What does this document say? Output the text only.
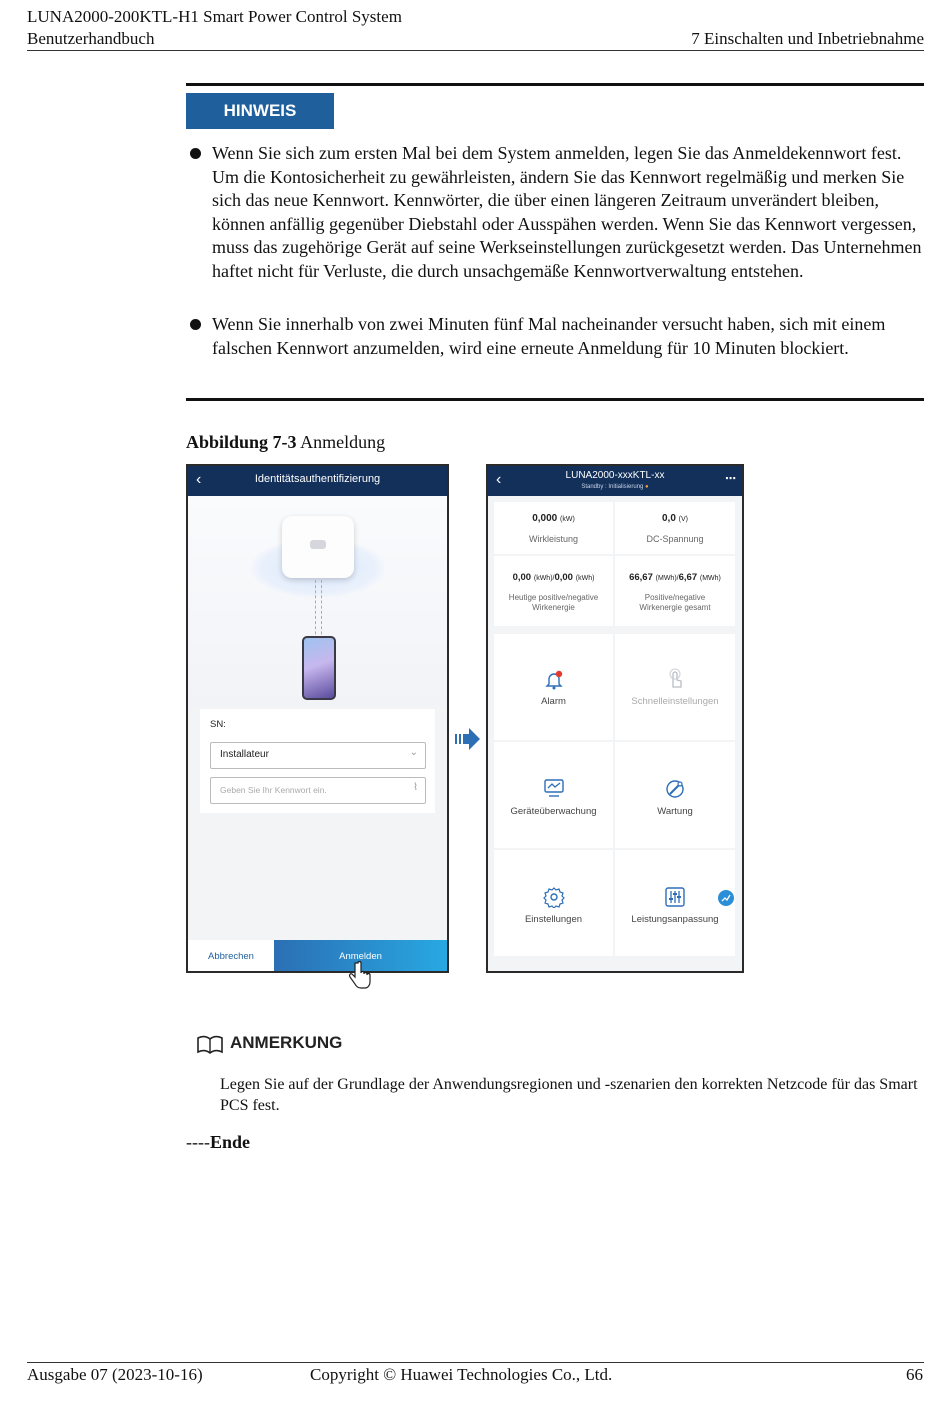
LUNA2000-200KTL-H1 Smart Power Control System
Benutzerhandbuch	7 Einschalten und Inbetriebnahme
HINWEIS
Wenn Sie sich zum ersten Mal bei dem System anmelden, legen Sie das Anmeldekennwort fest. Um die Kontosicherheit zu gewährleisten, ändern Sie das Kennwort regelmäßig und merken Sie sich das neue Kennwort. Kennwörter, die über einen längeren Zeitraum unverändert bleiben, können anfällig gegenüber Diebstahl oder Ausspähen werden. Wenn Sie das Kennwort vergessen, muss das zugehörige Gerät auf seine Werkseinstellungen zurückgesetzt werden. Das Unternehmen haftet nicht für Verluste, die durch unsachgemäße Kennwortverwaltung entstehen.
Wenn Sie innerhalb von zwei Minuten fünf Mal nacheinander versucht haben, sich mit einem falschen Kennwort anzumelden, wird eine erneute Anmeldung für 10 Minuten blockiert.
Abbildung 7-3 Anmeldung
‹	Identitätsauthentifizierung
SN:
Installateur	⌄
Geben Sie Ihr Kennwort ein.	⌇
Abbrechen	Anmelden
‹	LUNA2000-xxxKTL-xx
Standby : Initialisierung ●
⋯
0,000 (kW)
Wirkleistung
0,0 (V)
DC-Spannung
0,00 (kWh)/0,00 (kWh)
Heutige positive/negative Wirkenergie
66,67 (MWh)/6,67 (MWh)
Positive/negative Wirkenergie gesamt
Alarm	Schnelleinstellungen
Geräteüberwachung	Wartung
Einstellungen	Leistungsanpassung
ANMERKUNG
Legen Sie auf der Grundlage der Anwendungsregionen und -szenarien den korrekten Netzcode für das Smart PCS fest.
----Ende
Ausgabe 07 (2023-10-16)	Copyright © Huawei Technologies Co., Ltd.	66
